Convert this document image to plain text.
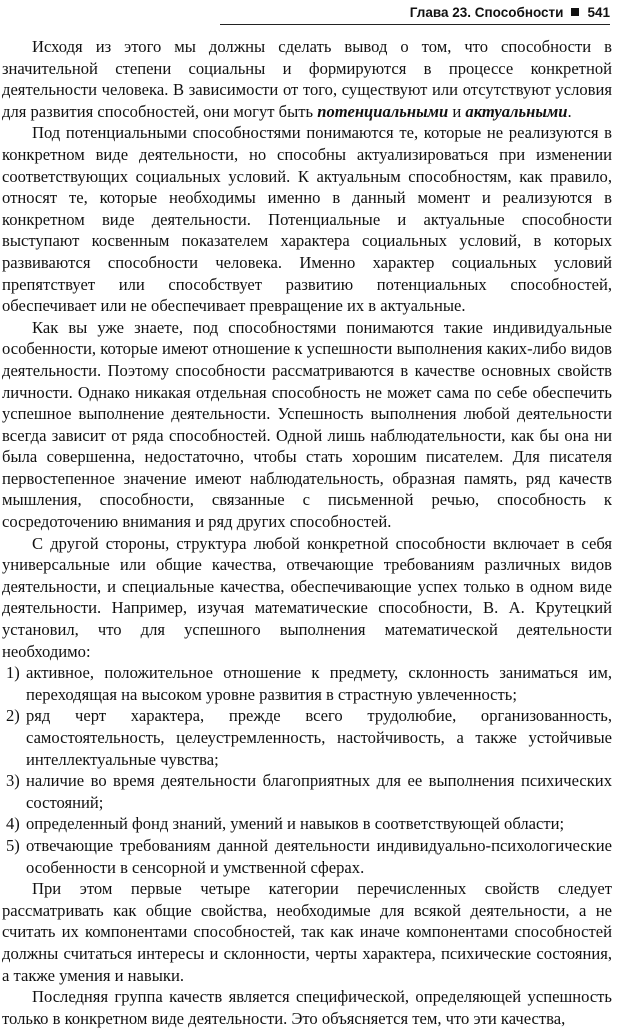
Глава 23. Способности 541

Исходя из этого мы должны сделать вывод о том, что способности в значительной степени социальны и формируются в процессе конкретной деятельности человека. В зависимости от того, существуют или отсутствуют условия для развития способностей, они могут быть потенциальными и актуальными.

Под потенциальными способностями понимаются те, которые не реализуются в конкретном виде деятельности, но способны актуализироваться при изменении соответствующих социальных условий. К актуальным способностям, как правило, относят те, которые необходимы именно в данный момент и реализуются в конкретном виде деятельности. Потенциальные и актуальные способности выступают косвенным показателем характера социальных условий, в которых развиваются способности человека. Именно характер социальных условий препятствует или способствует развитию потенциальных способностей, обеспечивает или не обеспечивает превращение их в актуальные.

Как вы уже знаете, под способностями понимаются такие индивидуальные особенности, которые имеют отношение к успешности выполнения каких-либо видов деятельности. Поэтому способности рассматриваются в качестве основных свойств личности. Однако никакая отдельная способность не может сама по себе обеспечить успешное выполнение деятельности. Успешность выполнения любой деятельности всегда зависит от ряда способностей. Одной лишь наблюдательности, как бы она ни была совершенна, недостаточно, чтобы стать хорошим писателем. Для писателя первостепенное значение имеют наблюдательность, образная память, ряд качеств мышления, способности, связанные с письменной речью, способность к сосредоточению внимания и ряд других способностей.

С другой стороны, структура любой конкретной способности включает в себя универсальные или общие качества, отвечающие требованиям различных видов деятельности, и специальные качества, обеспечивающие успех только в одном виде деятельности. Например, изучая математические способности, В. А. Крутецкий установил, что для успешного выполнения математической деятельности необходимо:

1) активное, положительное отношение к предмету, склонность заниматься им, переходящая на высоком уровне развития в страстную увлеченность;
2) ряд черт характера, прежде всего трудолюбие, организованность, самостоятельность, целеустремленность, настойчивость, а также устойчивые интеллектуальные чувства;
3) наличие во время деятельности благоприятных для ее выполнения психических состояний;
4) определенный фонд знаний, умений и навыков в соответствующей области;
5) отвечающие требованиям данной деятельности индивидуально-психологические особенности в сенсорной и умственной сферах.

При этом первые четыре категории перечисленных свойств следует рассматривать как общие свойства, необходимые для всякой деятельности, а не считать их компонентами способностей, так как иначе компонентами способностей должны считаться интересы и склонности, черты характера, психические состояния, а также умения и навыки.

Последняя группа качеств является специфической, определяющей успешность только в конкретном виде деятельности. Это объясняется тем, что эти качества,
